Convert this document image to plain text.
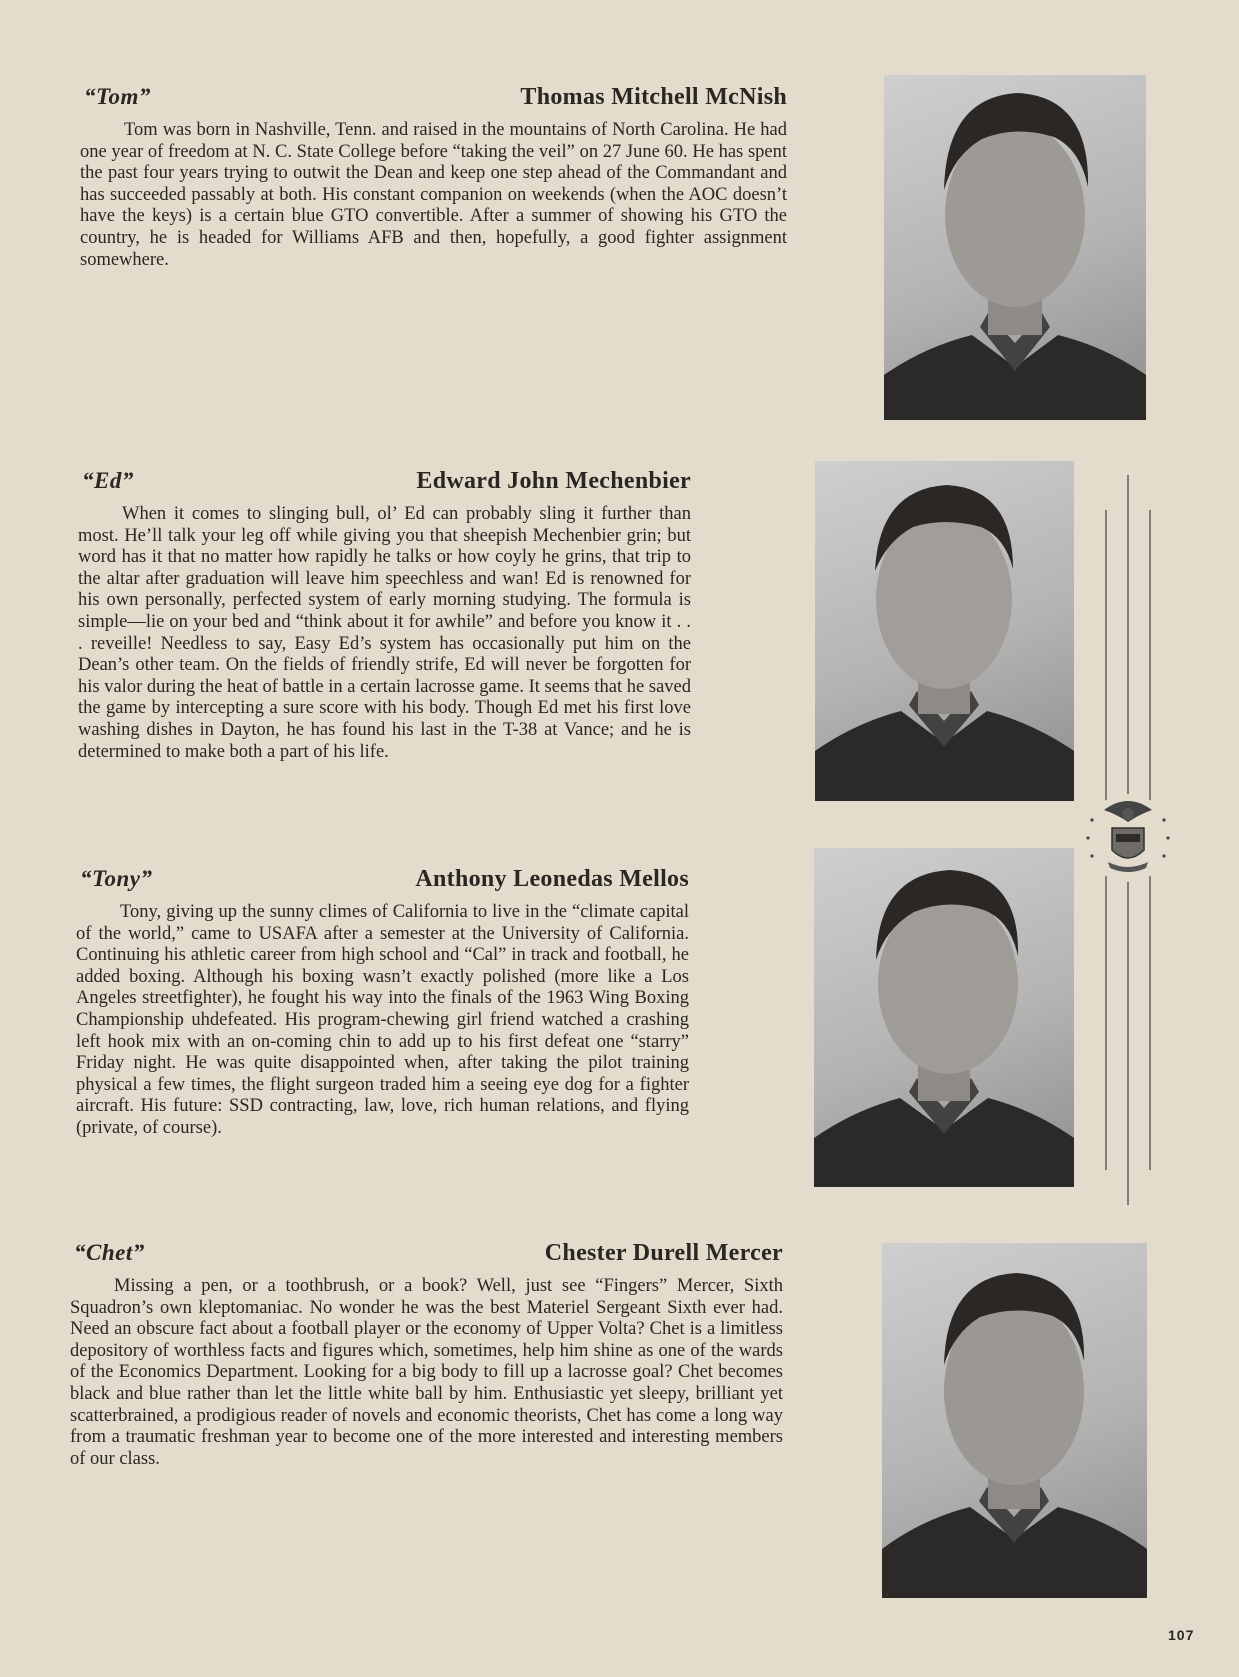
“Tom”	Thomas Mitchell McNish

Tom was born in Nashville, Tenn. and raised in the mountains of North Carolina. He had one year of freedom at N. C. State College before “taking the veil” on 27 June 60. He has spent the past four years trying to outwit the Dean and keep one step ahead of the Commandant and has succeeded passably at both. His constant companion on weekends (when the AOC doesn’t have the keys) is a certain blue GTO convertible. After a summer of showing his GTO the country, he is headed for Williams AFB and then, hopefully, a good fighter assignment somewhere.

“Ed”	Edward John Mechenbier

When it comes to slinging bull, ol’ Ed can probably sling it further than most. He’ll talk your leg off while giving you that sheepish Mechenbier grin; but word has it that no matter how rapidly he talks or how coyly he grins, that trip to the altar after graduation will leave him speechless and wan! Ed is renowned for his own personally, perfected system of early morning studying. The formula is simple—lie on your bed and “think about it for awhile” and before you know it . . . reveille! Needless to say, Easy Ed’s system has occasionally put him on the Dean’s other team. On the fields of friendly strife, Ed will never be forgotten for his valor during the heat of battle in a certain lacrosse game. It seems that he saved the game by intercepting a sure score with his body. Though Ed met his first love washing dishes in Dayton, he has found his last in the T-38 at Vance; and he is determined to make both a part of his life.

“Tony”	Anthony Leonedas Mellos

Tony, giving up the sunny climes of California to live in the “climate capital of the world,” came to USAFA after a semester at the University of California. Continuing his athletic career from high school and “Cal” in track and football, he added boxing. Although his boxing wasn’t exactly polished (more like a Los Angeles streetfighter), he fought his way into the finals of the 1963 Wing Boxing Championship uhdefeated. His program-chewing girl friend watched a crashing left hook mix with an on-coming chin to add up to his first defeat one “starry” Friday night. He was quite disappointed when, after taking the pilot training physical a few times, the flight surgeon traded him a seeing eye dog for a fighter aircraft. His future: SSD contracting, law, love, rich human relations, and flying (private, of course).

“Chet”	Chester Durell Mercer

Missing a pen, or a toothbrush, or a book? Well, just see “Fingers” Mercer, Sixth Squadron’s own kleptomaniac. No wonder he was the best Materiel Sergeant Sixth ever had. Need an obscure fact about a football player or the economy of Upper Volta? Chet is a limitless depository of worthless facts and figures which, sometimes, help him shine as one of the wards of the Economics Department. Looking for a big body to fill up a lacrosse goal? Chet becomes black and blue rather than let the little white ball by him. Enthusiastic yet sleepy, brilliant yet scatterbrained, a prodigious reader of novels and economic theorists, Chet has come a long way from a traumatic freshman year to become one of the more interested and interesting members of our class.

107
